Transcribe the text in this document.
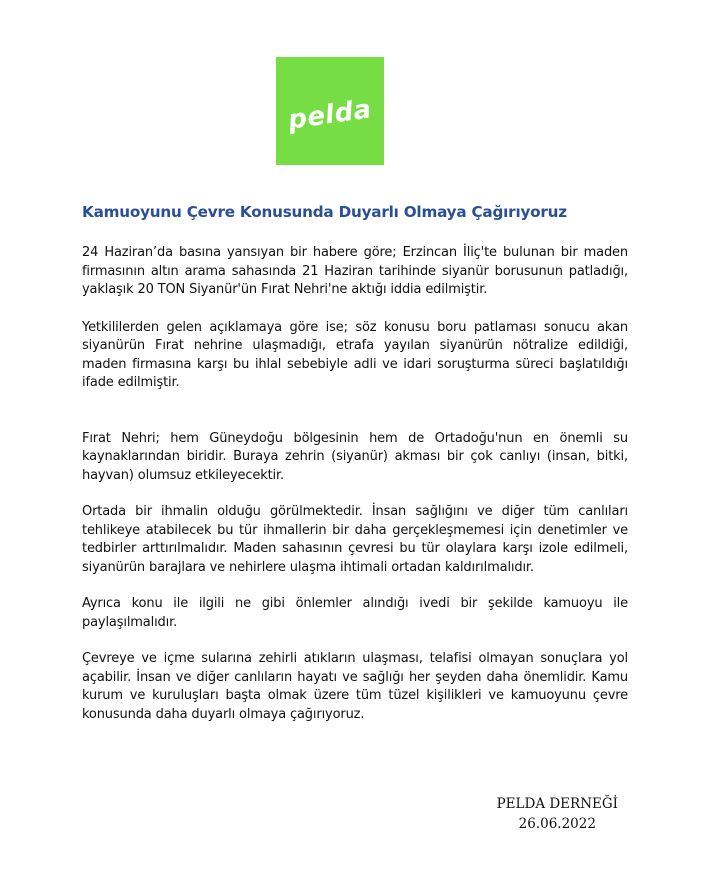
pelda
Kamuoyunu Çevre Konusunda Duyarlı Olmaya Çağırıyoruz

24 Haziran’da basına yansıyan bir habere göre; Erzincan İliç'te bulunan bir maden firmasının altın arama sahasında 21 Haziran tarihinde siyanür borusunun patladığı, yaklaşık 20 TON Siyanür'ün Fırat Nehri'ne aktığı iddia edilmiştir.

Yetkililerden gelen açıklamaya göre ise; söz konusu boru patlaması sonucu akan siyanürün Fırat nehrine ulaşmadığı, etrafa yayılan siyanürün nötralize edildiği, maden firmasına karşı bu ihlal sebebiyle adli ve idari soruşturma süreci başlatıldığı ifade edilmiştir.

Fırat Nehri; hem Güneydoğu bölgesinin hem de Ortadoğu'nun en önemli su kaynaklarından biridir. Buraya zehrin (siyanür) akması bir çok canlıyı (insan, bitki, hayvan) olumsuz etkileyecektir.

Ortada bir ihmalin olduğu görülmektedir. İnsan sağlığını ve diğer tüm canlıları tehlikeye atabilecek bu tür ihmallerin bir daha gerçekleşmemesi için denetimler ve tedbirler arttırılmalıdır. Maden sahasının çevresi bu tür olaylara karşı izole edilmeli, siyanürün barajlara ve nehirlere ulaşma ihtimali ortadan kaldırılmalıdır.

Ayrıca konu ile ilgili ne gibi önlemler alındığı ivedi bir şekilde kamuoyu ile paylaşılmalıdır.

Çevreye ve içme sularına zehirli atıkların ulaşması, telafisi olmayan sonuçlara yol açabilir. İnsan ve diğer canlıların hayatı ve sağlığı her şeyden daha önemlidir. Kamu kurum ve kuruluşları başta olmak üzere tüm tüzel kişilikleri ve kamuoyunu çevre konusunda daha duyarlı olmaya çağırıyoruz.

PELDA DERNEĞİ
26.06.2022
